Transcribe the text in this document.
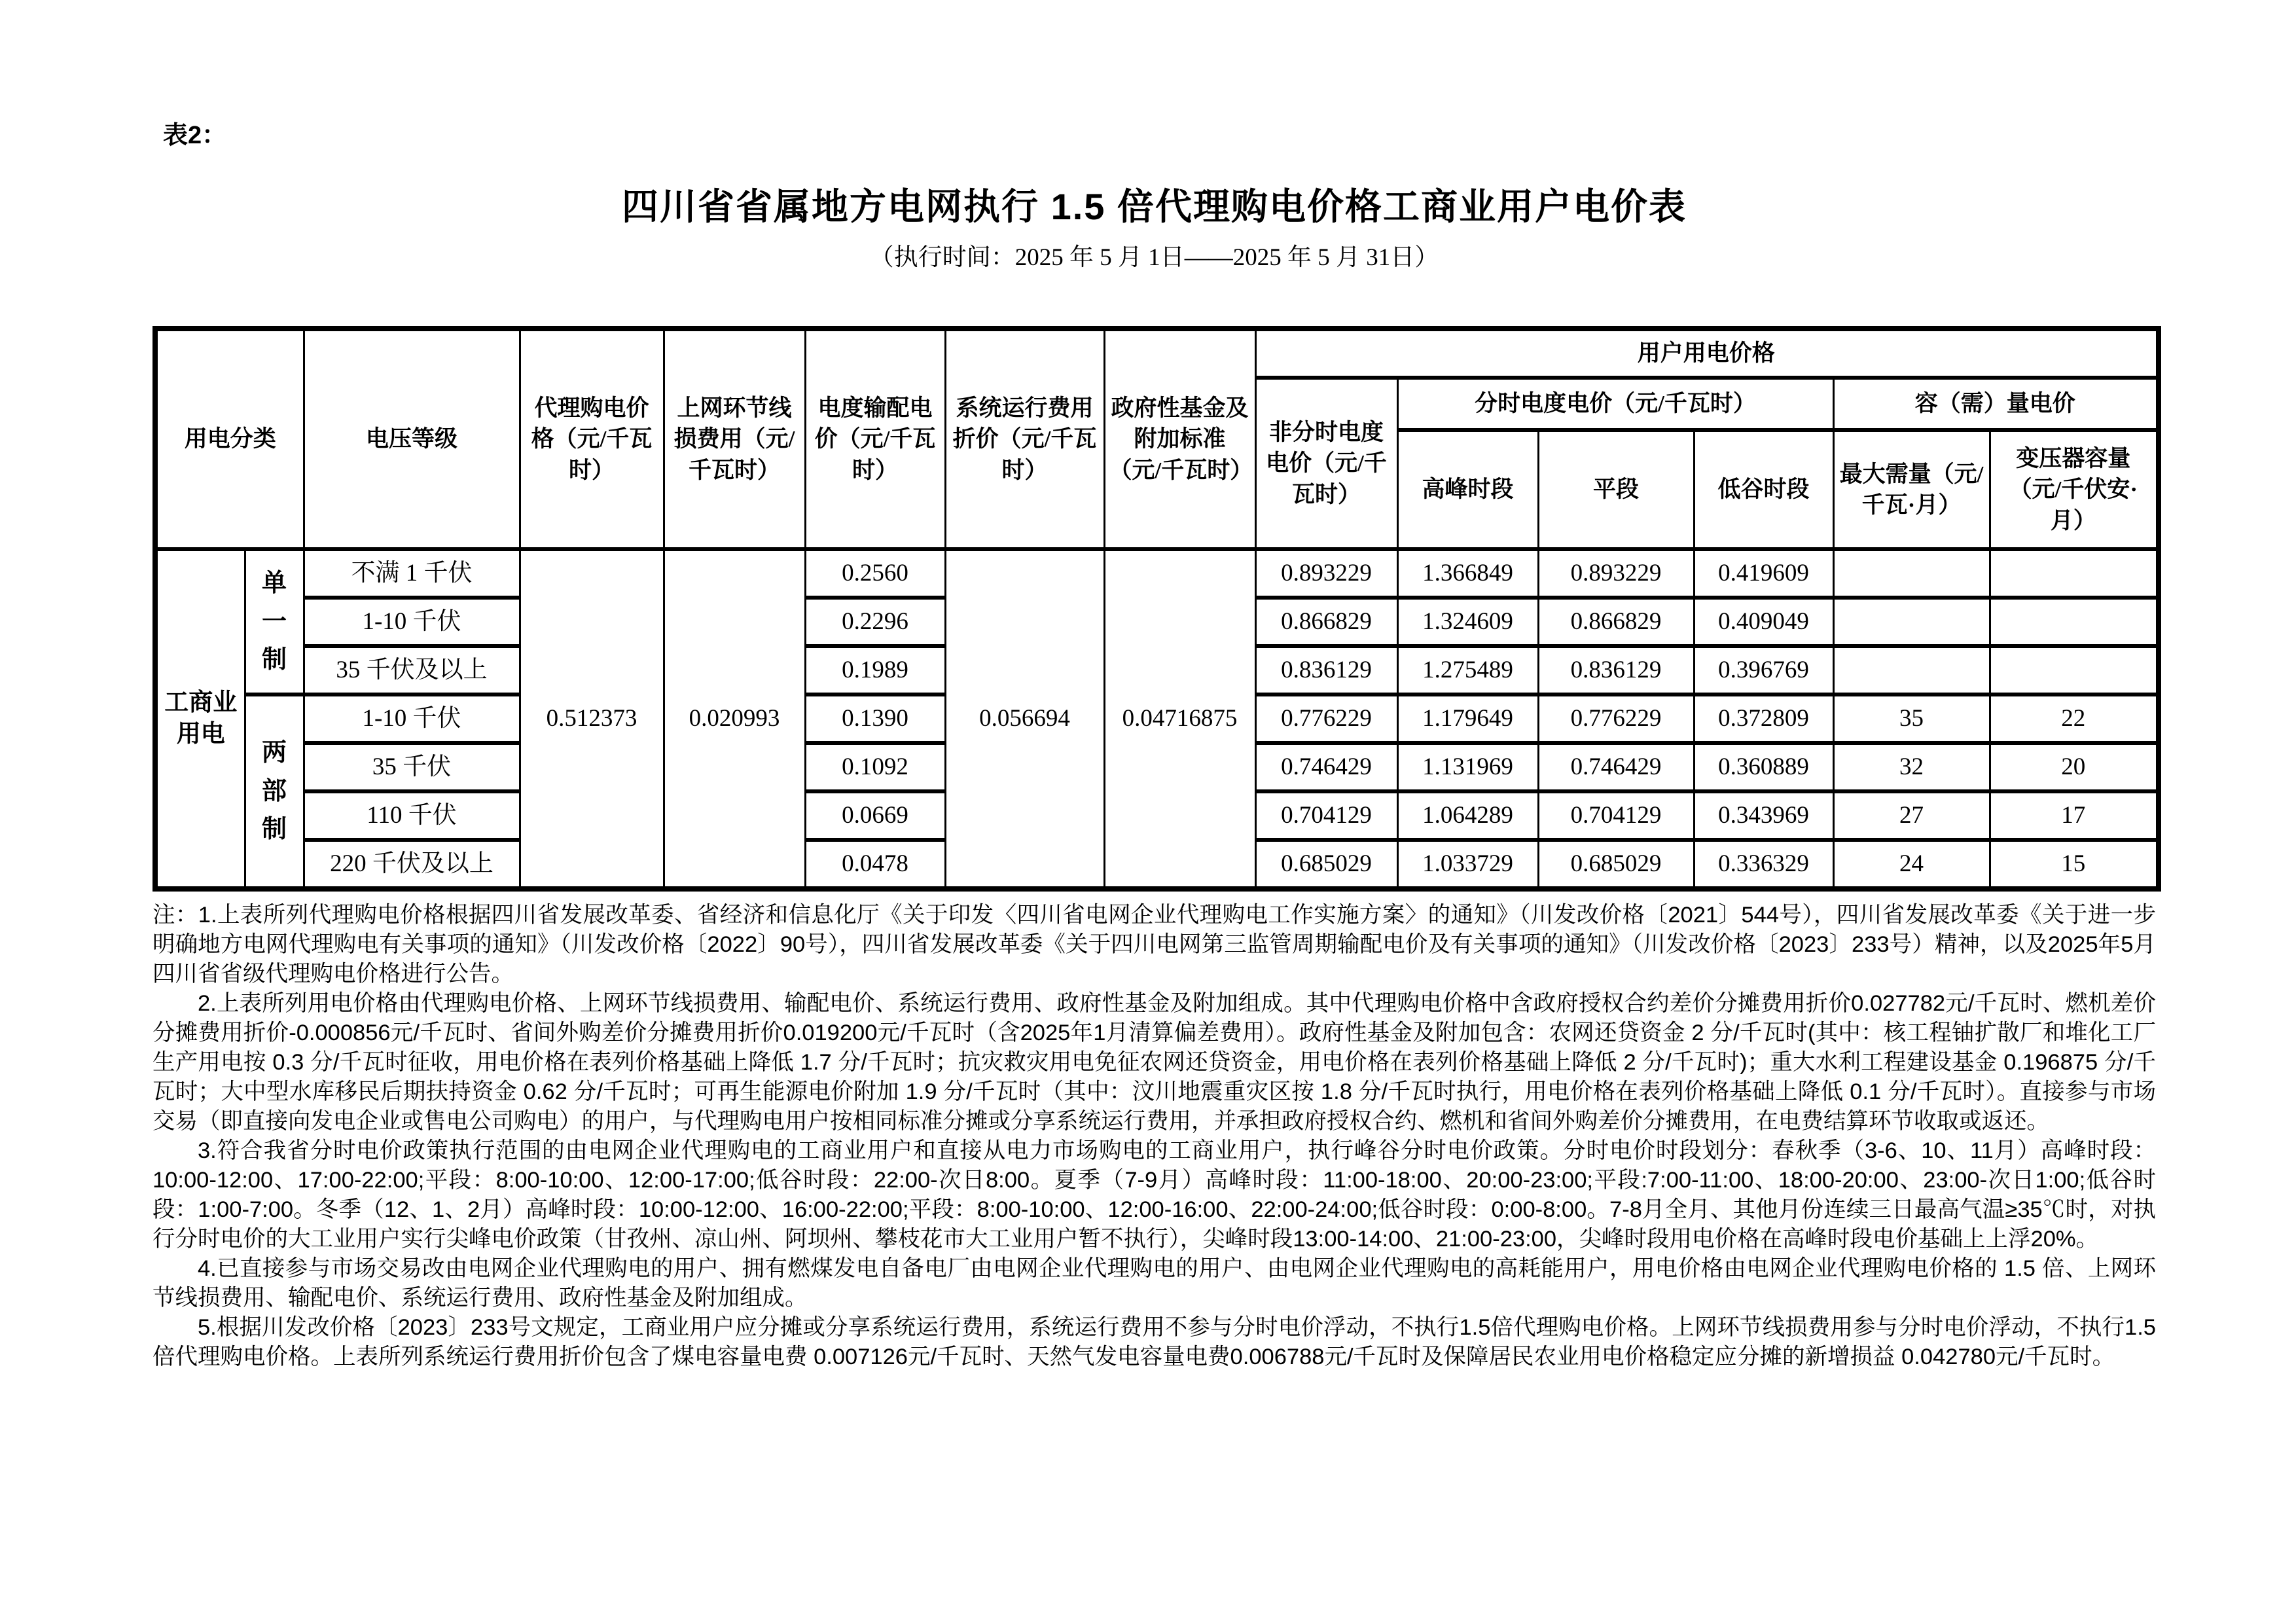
表2：

四川省省属地方电网执行 1.5 倍代理购电价格工商业用户电价表

（执行时间：2025 年 5 月 1日——2025 年 5 月 31日）

用电分类		电压等级	代理购电价格（元/千瓦时）	上网环节线损费用（元/千瓦时）	电度输配电价（元/千瓦时）	系统运行费用折价（元/千瓦时）	政府性基金及附加标准（元/千瓦时）	用户用电价格					
								非分时电度电价（元/千瓦时）	分时电度电价（元/千瓦时）			容（需）量电价	
									高峰时段	平段	低谷时段	最大需量（元/千瓦·月）	变压器容量（元/千伏安·月）
工商业用电	单一制	不满 1 千伏	0.512373	0.020993	0.2560	0.056694	0.04716875	0.893229	1.366849	0.893229	0.419609		
		1-10 千伏			0.2296			0.866829	1.324609	0.866829	0.409049		
		35 千伏及以上			0.1989			0.836129	1.275489	0.836129	0.396769		
	两部制	1-10 千伏			0.1390			0.776229	1.179649	0.776229	0.372809	35	22
		35 千伏			0.1092			0.746429	1.131969	0.746429	0.360889	32	20
		110 千伏			0.0669			0.704129	1.064289	0.704129	0.343969	27	17
		220 千伏及以上			0.0478			0.685029	1.033729	0.685029	0.336329	24	15

注：1.上表所列代理购电价格根据四川省发展改革委、省经济和信息化厅《关于印发〈四川省电网企业代理购电工作实施方案〉的通知》（川发改价格〔2021〕544号），四川省发展改革委《关于进一步明确地方电网代理购电有关事项的通知》（川发改价格〔2022〕90号），四川省发展改革委《关于四川电网第三监管周期输配电价及有关事项的通知》（川发改价格〔2023〕233号）精神，以及2025年5月四川省省级代理购电价格进行公告。

2.上表所列用电价格由代理购电价格、上网环节线损费用、输配电价、系统运行费用、政府性基金及附加组成。其中代理购电价格中含政府授权合约差价分摊费用折价0.027782元/千瓦时、燃机差价分摊费用折价-0.000856元/千瓦时、省间外购差价分摊费用折价0.019200元/千瓦时（含2025年1月清算偏差费用）。政府性基金及附加包含：农网还贷资金 2 分/千瓦时(其中：核工程铀扩散厂和堆化工厂生产用电按 0.3 分/千瓦时征收，用电价格在表列价格基础上降低 1.7 分/千瓦时；抗灾救灾用电免征农网还贷资金，用电价格在表列价格基础上降低 2 分/千瓦时)；重大水利工程建设基金 0.196875 分/千瓦时；大中型水库移民后期扶持资金 0.62 分/千瓦时；可再生能源电价附加 1.9 分/千瓦时（其中：汶川地震重灾区按 1.8 分/千瓦时执行，用电价格在表列价格基础上降低 0.1 分/千瓦时）。直接参与市场交易（即直接向发电企业或售电公司购电）的用户，与代理购电用户按相同标准分摊或分享系统运行费用，并承担政府授权合约、燃机和省间外购差价分摊费用，在电费结算环节收取或返还。

3.符合我省分时电价政策执行范围的由电网企业代理购电的工商业用户和直接从电力市场购电的工商业用户，执行峰谷分时电价政策。分时电价时段划分：春秋季（3-6、10、11月）高峰时段：10:00-12:00、17:00-22:00;平段：8:00-10:00、12:00-17:00;低谷时段：22:00-次日8:00。夏季（7-9月）高峰时段：11:00-18:00、20:00-23:00;平段:7:00-11:00、18:00-20:00、23:00-次日1:00;低谷时段：1:00-7:00。冬季（12、1、2月）高峰时段：10:00-12:00、16:00-22:00;平段：8:00-10:00、12:00-16:00、22:00-24:00;低谷时段：0:00-8:00。7-8月全月、其他月份连续三日最高气温≥35℃时，对执行分时电价的大工业用户实行尖峰电价政策（甘孜州、凉山州、阿坝州、攀枝花市大工业用户暂不执行），尖峰时段13:00-14:00、21:00-23:00，尖峰时段用电价格在高峰时段电价基础上上浮20%。

4.已直接参与市场交易改由电网企业代理购电的用户、拥有燃煤发电自备电厂由电网企业代理购电的用户、由电网企业代理购电的高耗能用户，用电价格由电网企业代理购电价格的 1.5 倍、上网环节线损费用、输配电价、系统运行费用、政府性基金及附加组成。

5.根据川发改价格〔2023〕233号文规定，工商业用户应分摊或分享系统运行费用，系统运行费用不参与分时电价浮动，不执行1.5倍代理购电价格。上网环节线损费用参与分时电价浮动，不执行1.5倍代理购电价格。上表所列系统运行费用折价包含了煤电容量电费 0.007126元/千瓦时、天然气发电容量电费0.006788元/千瓦时及保障居民农业用电价格稳定应分摊的新增损益 0.042780元/千瓦时。
